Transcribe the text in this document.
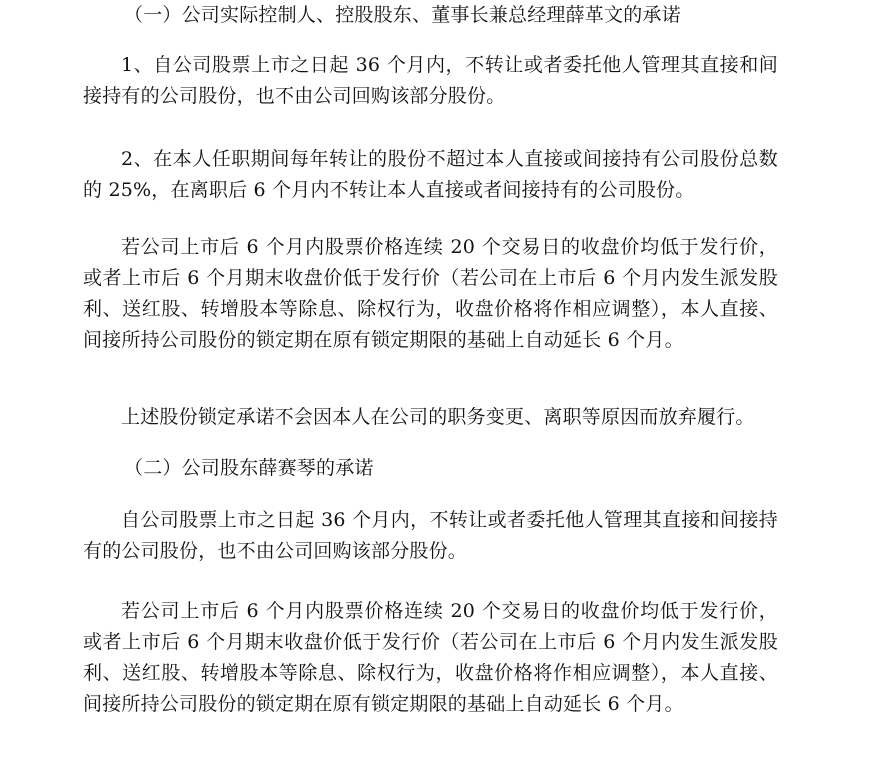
（一）公司实际控制人、控股股东、董事长兼总经理薛革文的承诺

1、自公司股票上市之日起 36 个月内，不转让或者委托他人管理其直接和间接持有的公司股份，也不由公司回购该部分股份。

2、在本人任职期间每年转让的股份不超过本人直接或间接持有公司股份总数的 25%，在离职后 6 个月内不转让本人直接或者间接持有的公司股份。

若公司上市后 6 个月内股票价格连续 20 个交易日的收盘价均低于发行价，或者上市后 6 个月期末收盘价低于发行价（若公司在上市后 6 个月内发生派发股利、送红股、转增股本等除息、除权行为，收盘价格将作相应调整），本人直接、间接所持公司股份的锁定期在原有锁定期限的基础上自动延长 6 个月。

上述股份锁定承诺不会因本人在公司的职务变更、离职等原因而放弃履行。

（二）公司股东薛赛琴的承诺

自公司股票上市之日起 36 个月内，不转让或者委托他人管理其直接和间接持有的公司股份，也不由公司回购该部分股份。

若公司上市后 6 个月内股票价格连续 20 个交易日的收盘价均低于发行价，或者上市后 6 个月期末收盘价低于发行价（若公司在上市后 6 个月内发生派发股利、送红股、转增股本等除息、除权行为，收盘价格将作相应调整），本人直接、间接所持公司股份的锁定期在原有锁定期限的基础上自动延长 6 个月。
